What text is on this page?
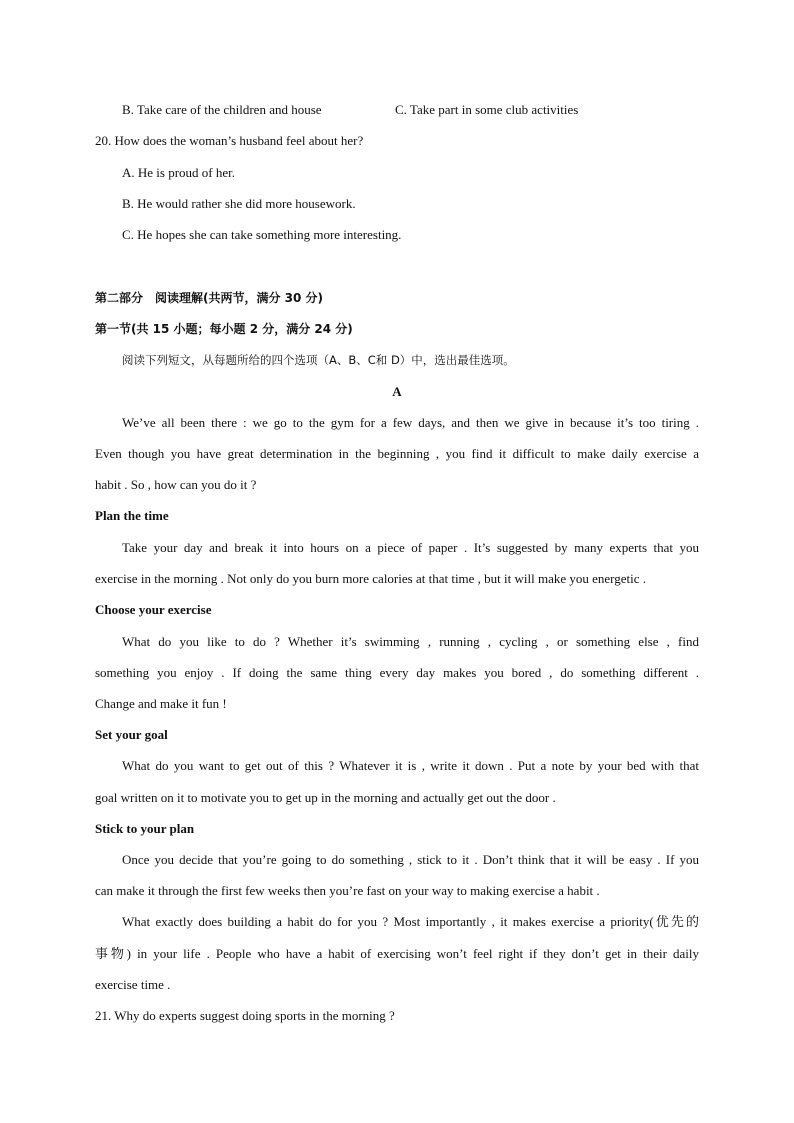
B. Take care of the children and house	C. Take part in some club activities
20. How does the woman’s husband feel about her?
A. He is proud of her.
B. He would rather she did more housework.
C. He hopes she can take something more interesting.
第二部分　阅读理解(共两节，满分 30 分)
第一节(共 15 小题；每小题 2 分，满分 24 分)
阅读下列短文，从每题所给的四个选项（A、B、C和 D）中，选出最佳选项。
A
We’ve all been there : we go to the gym for a few days, and then we give in because it’s too tiring .
Even though you have great determination in the beginning , you find it difficult to make daily exercise a
habit . So , how can you do it ?
Plan the time
Take your day and break it into hours on a piece of paper . It’s suggested by many experts that you
exercise in the morning . Not only do you burn more calories at that time , but it will make you energetic .
Choose your exercise
What do you like to do ? Whether it’s swimming , running , cycling , or something else , find
something you enjoy . If doing the same thing every day makes you bored , do something different .
Change and make it fun !
Set your goal
What do you want to get out of this ? Whatever it is , write it down . Put a note by your bed with that
goal written on it to motivate you to get up in the morning and actually get out the door .
Stick to your plan
Once you decide that you’re going to do something , stick to it . Don’t think that it will be easy . If you
can make it through the first few weeks then you’re fast on your way to making exercise a habit .
What exactly does building a habit do for you ? Most importantly , it makes exercise a priority(优先的
事物) in your life . People who have a habit of exercising won’t feel right if they don’t get in their daily
exercise time .
21. Why do experts suggest doing sports in the morning ?
